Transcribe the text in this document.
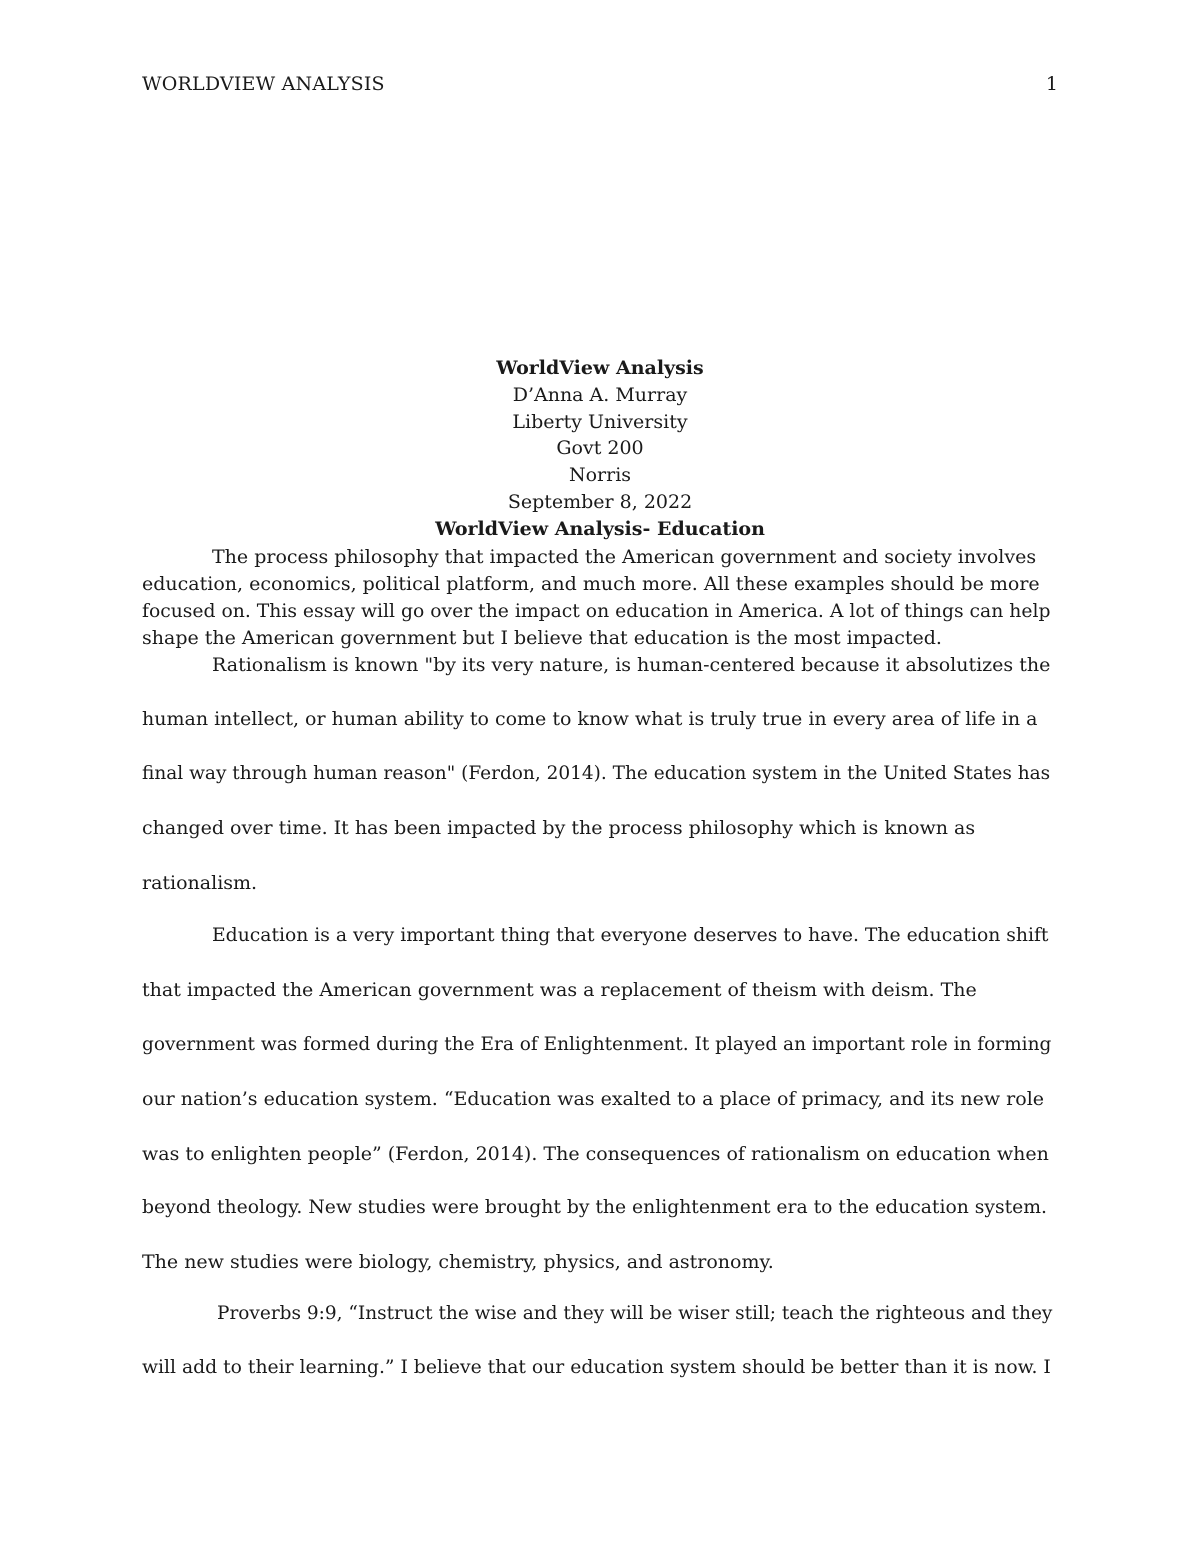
WORLDVIEW ANALYSIS	1
WorldView Analysis
D’Anna A. Murray
Liberty University
Govt 200
Norris
September 8, 2022
WorldView Analysis- Education
The process philosophy that impacted the American government and society involves
education, economics, political platform, and much more. All these examples should be more
focused on. This essay will go over the impact on education in America. A lot of things can help
shape the American government but I believe that education is the most impacted.
Rationalism is known "by its very nature, is human-centered because it absolutizes the
human intellect, or human ability to come to know what is truly true in every area of life in a
final way through human reason" (Ferdon, 2014). The education system in the United States has
changed over time. It has been impacted by the process philosophy which is known as
rationalism.
Education is a very important thing that everyone deserves to have. The education shift
that impacted the American government was a replacement of theism with deism. The
government was formed during the Era of Enlightenment. It played an important role in forming
our nation’s education system. “Education was exalted to a place of primacy, and its new role
was to enlighten people” (Ferdon, 2014). The consequences of rationalism on education when
beyond theology. New studies were brought by the enlightenment era to the education system.
The new studies were biology, chemistry, physics, and astronomy.
Proverbs 9:9, “Instruct the wise and they will be wiser still; teach the righteous and they
will add to their learning.” I believe that our education system should be better than it is now. I
